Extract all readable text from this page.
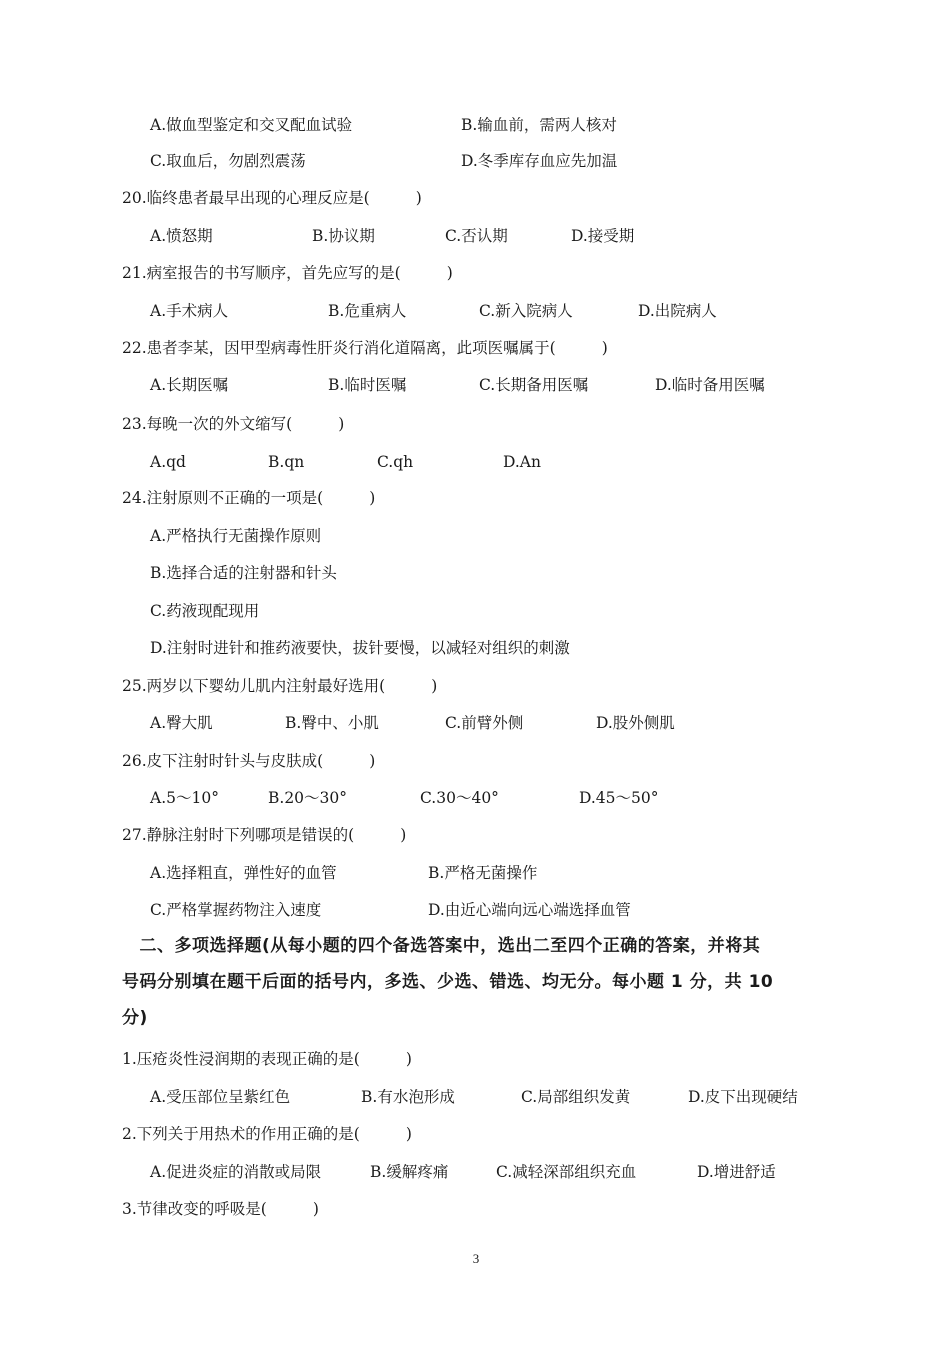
A.做血型鉴定和交叉配血试验	B.输血前，需两人核对
C.取血后，勿剧烈震荡	D.冬季库存血应先加温
20.临终患者最早出现的心理反应是(	)
A.愤怒期	B.协议期	C.否认期	D.接受期
21.病室报告的书写顺序，首先应写的是(	)
A.手术病人	B.危重病人	C.新入院病人	D.出院病人
22.患者李某，因甲型病毒性肝炎行消化道隔离，此项医嘱属于(	)
A.长期医嘱	B.临时医嘱	C.长期备用医嘱	D.临时备用医嘱
23.每晚一次的外文缩写(	)
A.qd	B.qn	C.qh	D.An
24.注射原则不正确的一项是(	)
A.严格执行无菌操作原则
B.选择合适的注射器和针头
C.药液现配现用
D.注射时进针和推药液要快，拔针要慢，以减轻对组织的刺激
25.两岁以下婴幼儿肌内注射最好选用(	)
A.臀大肌	B.臀中、小肌	C.前臂外侧	D.股外侧肌
26.皮下注射时针头与皮肤成(	)
A.5～10°	B.20～30°	C.30～40°	D.45～50°
27.静脉注射时下列哪项是错误的(	)
A.选择粗直，弹性好的血管	B.严格无菌操作
C.严格掌握药物注入速度	D.由近心端向远心端选择血管
　二、多项选择题(从每小题的四个备选答案中，选出二至四个正确的答案，并将其
号码分别填在题干后面的括号内，多选、少选、错选、均无分。每小题 1 分，共 10
分)
1.压疮炎性浸润期的表现正确的是(	)
A.受压部位呈紫红色	B.有水泡形成	C.局部组织发黄	D.皮下出现硬结
2.下列关于用热术的作用正确的是(	)
A.促进炎症的消散或局限	B.缓解疼痛	C.减轻深部组织充血	D.增进舒适
3.节律改变的呼吸是(	)
3
